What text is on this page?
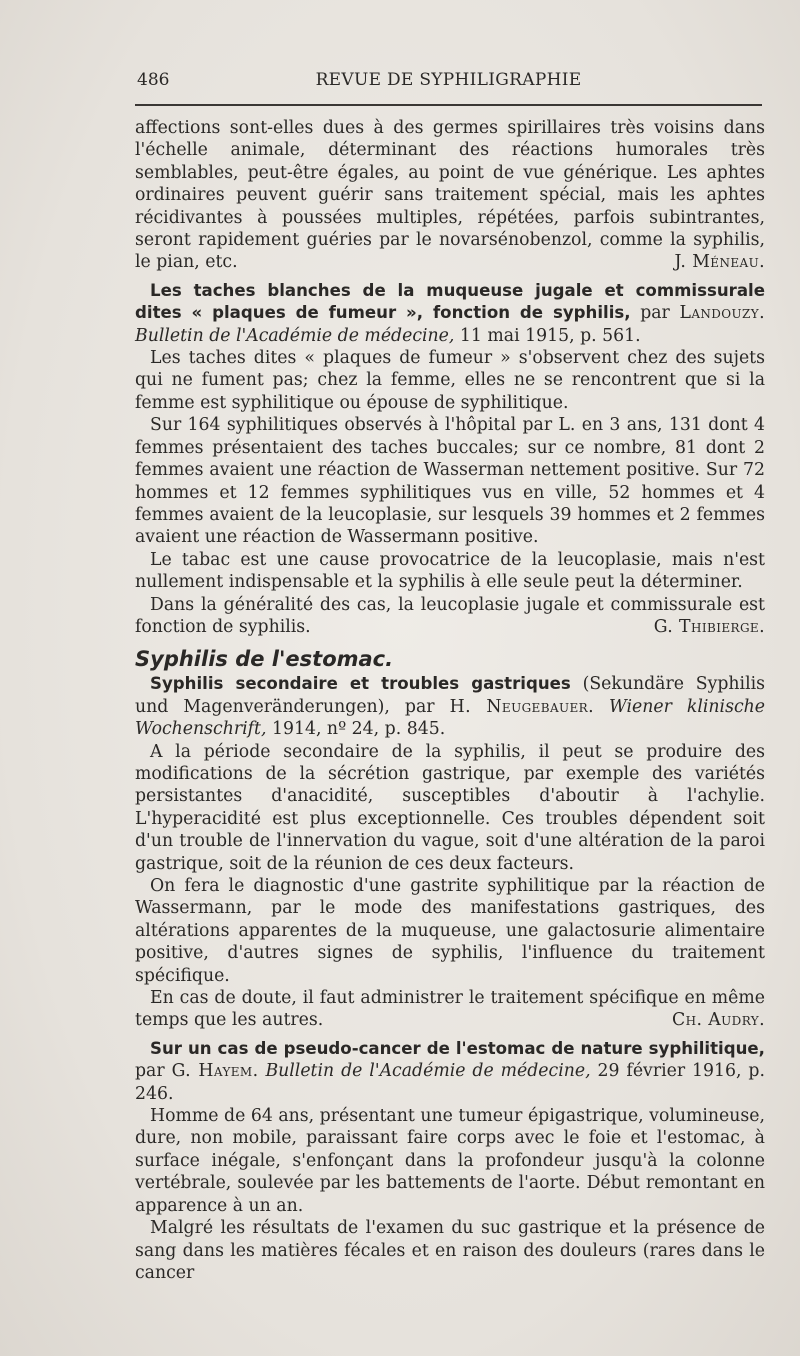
486	REVUE DE SYPHILIGRAPHIE

affections sont-elles dues à des germes spirillaires très voisins dans l'échelle animale, déterminant des réactions humorales très semblables, peut-être égales, au point de vue générique. Les aphtes ordinaires peuvent guérir sans traitement spécial, mais les aphtes récidivantes à poussées multiples, répétées, parfois subintrantes, seront rapidement guéries par le novarsénobenzol, comme la syphilis, le pian, etc.	J. Méneau.

Les taches blanches de la muqueuse jugale et commissurale dites « plaques de fumeur », fonction de syphilis, par Landouzy. Bulletin de l'Académie de médecine, 11 mai 1915, p. 561.

Les taches dites « plaques de fumeur » s'observent chez des sujets qui ne fument pas; chez la femme, elles ne se rencontrent que si la femme est syphilitique ou épouse de syphilitique.

Sur 164 syphilitiques observés à l'hôpital par L. en 3 ans, 131 dont 4 femmes présentaient des taches buccales; sur ce nombre, 81 dont 2 femmes avaient une réaction de Wasserman nettement positive. Sur 72 hommes et 12 femmes syphilitiques vus en ville, 52 hommes et 4 femmes avaient de la leucoplasie, sur lesquels 39 hommes et 2 femmes avaient une réaction de Wassermann positive.

Le tabac est une cause provocatrice de la leucoplasie, mais n'est nullement indispensable et la syphilis à elle seule peut la déterminer.

Dans la généralité des cas, la leucoplasie jugale et commissurale est fonction de syphilis.	G. Thibierge.

Syphilis de l'estomac.

Syphilis secondaire et troubles gastriques (Sekundäre Syphilis und Magenveränderungen), par H. Neugebauer. Wiener klinische Wochenschrift, 1914, nº 24, p. 845.

A la période secondaire de la syphilis, il peut se produire des modifications de la sécrétion gastrique, par exemple des variétés persistantes d'anacidité, susceptibles d'aboutir à l'achylie. L'hyperacidité est plus exceptionnelle. Ces troubles dépendent soit d'un trouble de l'innervation du vague, soit d'une altération de la paroi gastrique, soit de la réunion de ces deux facteurs.

On fera le diagnostic d'une gastrite syphilitique par la réaction de Wassermann, par le mode des manifestations gastriques, des altérations apparentes de la muqueuse, une galactosurie alimentaire positive, d'autres signes de syphilis, l'influence du traitement spécifique.

En cas de doute, il faut administrer le traitement spécifique en même temps que les autres.	Ch. Audry.

Sur un cas de pseudo-cancer de l'estomac de nature syphilitique, par G. Hayem. Bulletin de l'Académie de médecine, 29 février 1916, p. 246.

Homme de 64 ans, présentant une tumeur épigastrique, volumineuse, dure, non mobile, paraissant faire corps avec le foie et l'estomac, à surface inégale, s'enfonçant dans la profondeur jusqu'à la colonne vertébrale, soulevée par les battements de l'aorte. Début remontant en apparence à un an.

Malgré les résultats de l'examen du suc gastrique et la présence de sang dans les matières fécales et en raison des douleurs (rares dans le cancer
